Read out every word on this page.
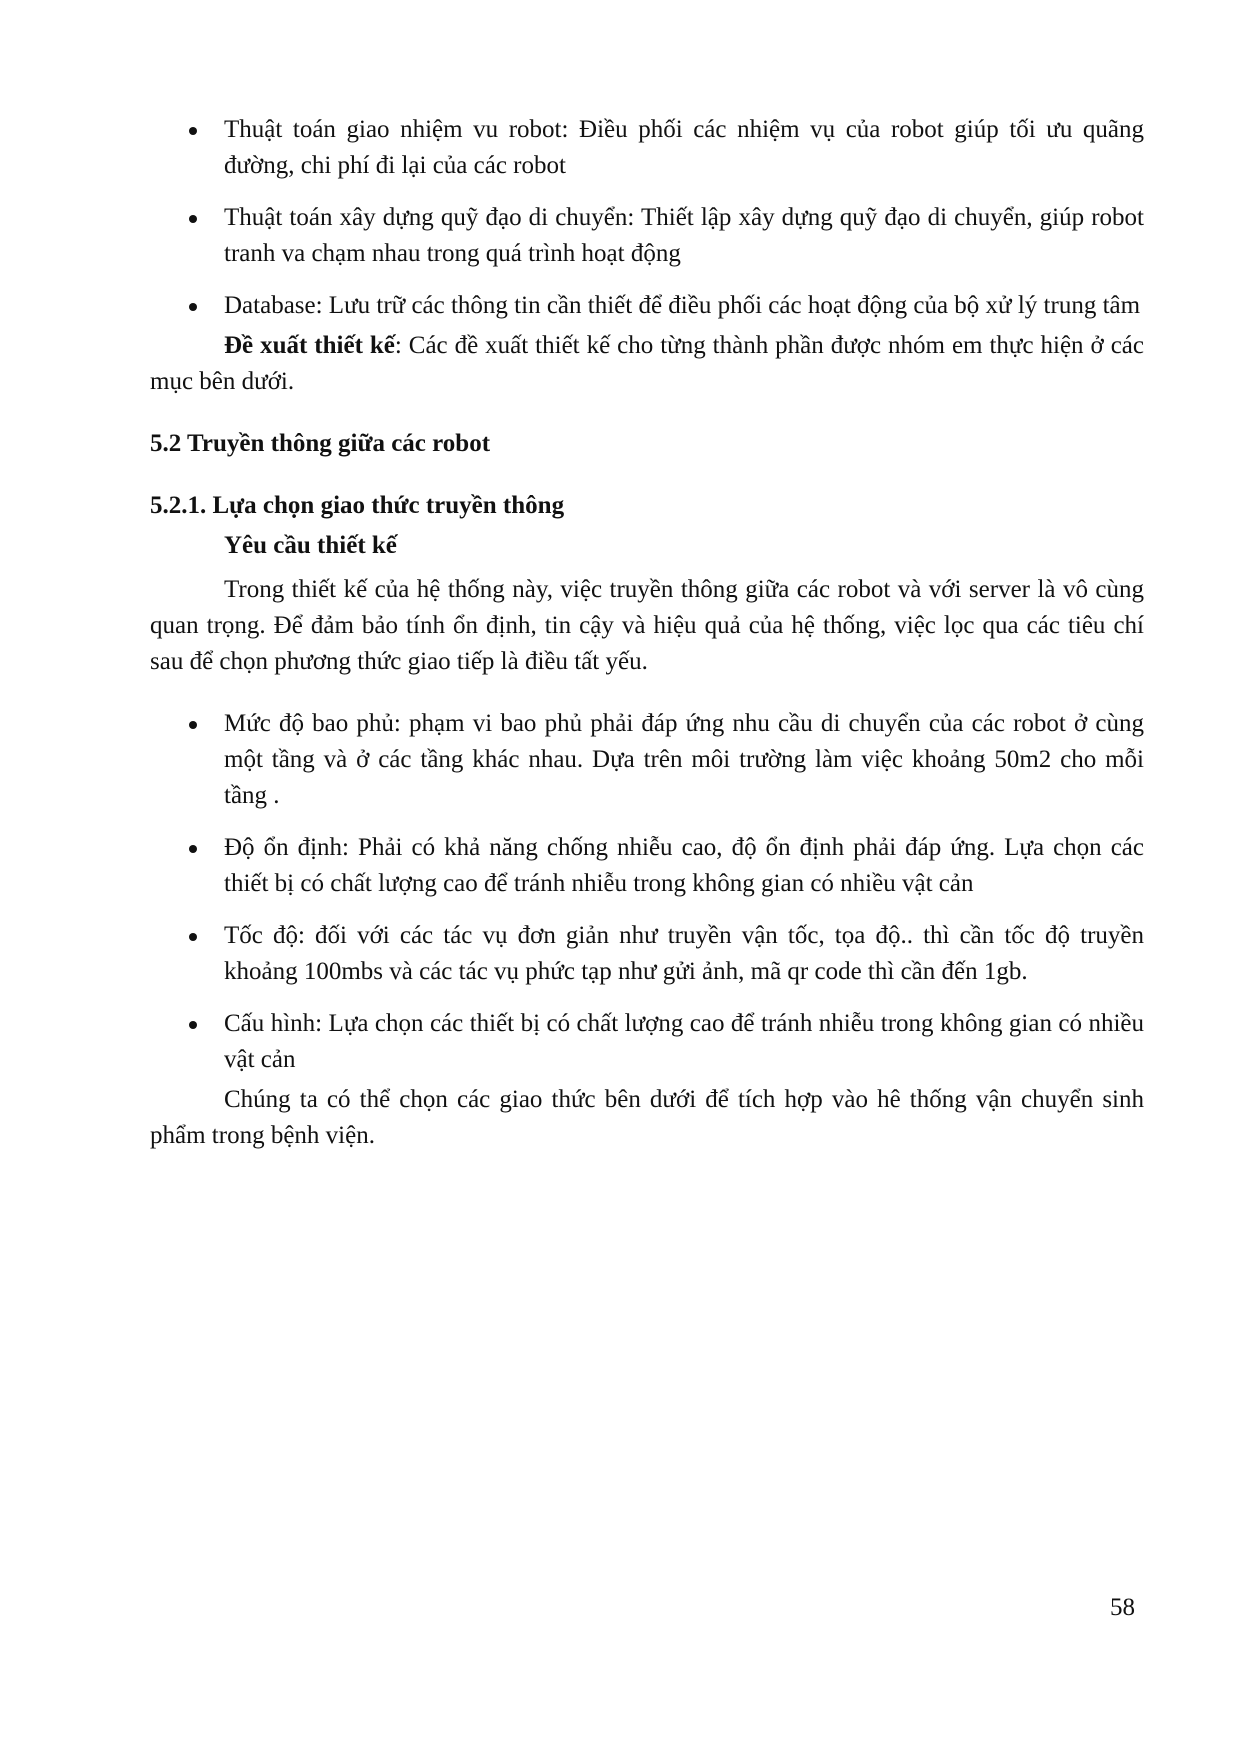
Thuật toán giao nhiệm vu robot: Điều phối các nhiệm vụ của robot giúp tối ưu quãng đường, chi phí đi lại của các robot
Thuật toán xây dựng quỹ đạo di chuyển: Thiết lập xây dựng quỹ đạo di chuyển, giúp robot tranh va chạm nhau trong quá trình hoạt động
Database: Lưu trữ các thông tin cần thiết để điều phối các hoạt động của bộ xử lý trung tâm

Đề xuất thiết kế: Các đề xuất thiết kế cho từng thành phần được nhóm em thực hiện ở các mục bên dưới.

5.2 Truyền thông giữa các robot
5.2.1. Lựa chọn giao thức truyền thông
Yêu cầu thiết kế

Trong thiết kế của hệ thống này, việc truyền thông giữa các robot và với server là vô cùng quan trọng. Để đảm bảo tính ổn định, tin cậy và hiệu quả của hệ thống, việc lọc qua các tiêu chí sau để chọn phương thức giao tiếp là điều tất yếu.

Mức độ bao phủ: phạm vi bao phủ phải đáp ứng nhu cầu di chuyển của các robot ở cùng một tầng và ở các tầng khác nhau. Dựa trên môi trường làm việc khoảng 50m2 cho mỗi tầng .
Độ ổn định: Phải có khả năng chống nhiễu cao, độ ổn định phải đáp ứng. Lựa chọn các thiết bị có chất lượng cao để tránh nhiễu trong không gian có nhiều vật cản
Tốc độ: đối với các tác vụ đơn giản như truyền vận tốc, tọa độ.. thì cần tốc độ truyền khoảng 100mbs và các tác vụ phức tạp như gửi ảnh, mã qr code thì cần đến 1gb.
Cấu hình: Lựa chọn các thiết bị có chất lượng cao để tránh nhiễu trong không gian có nhiều vật cản

Chúng ta có thể chọn các giao thức bên dưới để tích hợp vào hê thống vận chuyển sinh phẩm trong bệnh viện.

58
